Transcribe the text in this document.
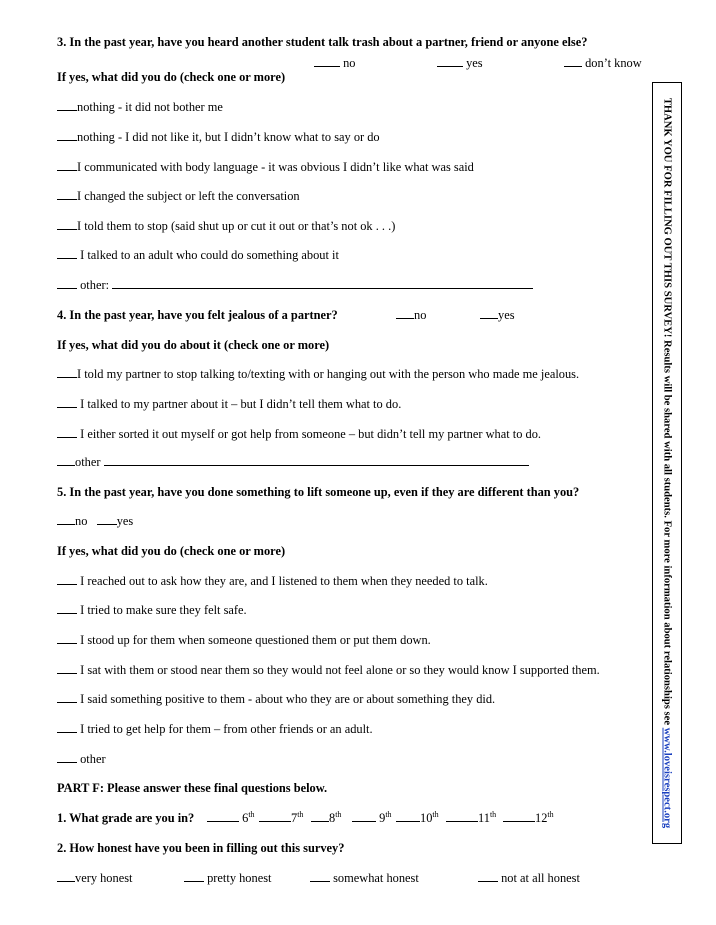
3. In the past year, have you heard another student talk trash about a partner, friend or anyone else?
no	yes	don’t know
If yes, what did you do (check one or more)
nothing - it did not bother me
nothing - I did not like it, but I didn’t know what to say or do
I communicated with body language - it was obvious I didn’t like what was said
I changed the subject or left the conversation
I told them to stop (said shut up or cut it out or that’s not ok . . .)
I talked to an adult who could do something about it
other:
4. In the past year, have you felt jealous of a partner?	no	yes
If yes, what did you do about it (check one or more)
I told my partner to stop talking to/texting with or hanging out with the person who made me jealous.
I talked to my partner about it – but I didn’t tell them what to do.
I either sorted it out myself or got help from someone – but didn’t tell my partner what to do.
other
5. In the past year, have you done something to lift someone up, even if they are different than you?
no yes
If yes, what did you do (check one or more)
I reached out to ask how they are, and I listened to them when they needed to talk.
I tried to make sure they felt safe.
I stood up for them when someone questioned them or put them down.
I sat with them or stood near them so they would not feel alone or so they would know I supported them.
I said something positive to them - about who they are or about something they did.
I tried to get help for them – from other friends or an adult.
other
PART F: Please answer these final questions below.
1. What grade are you in?	6th	7th	8th	9th	10th	11th	12th
2. How honest have you been in filling out this survey?
very honest	pretty honest	somewhat honest	not at all honest
THANK YOU FOR FILLING OUT THIS SURVEY! Results will be shared with all students. For more information about relationships see www.loveisrespect.org
